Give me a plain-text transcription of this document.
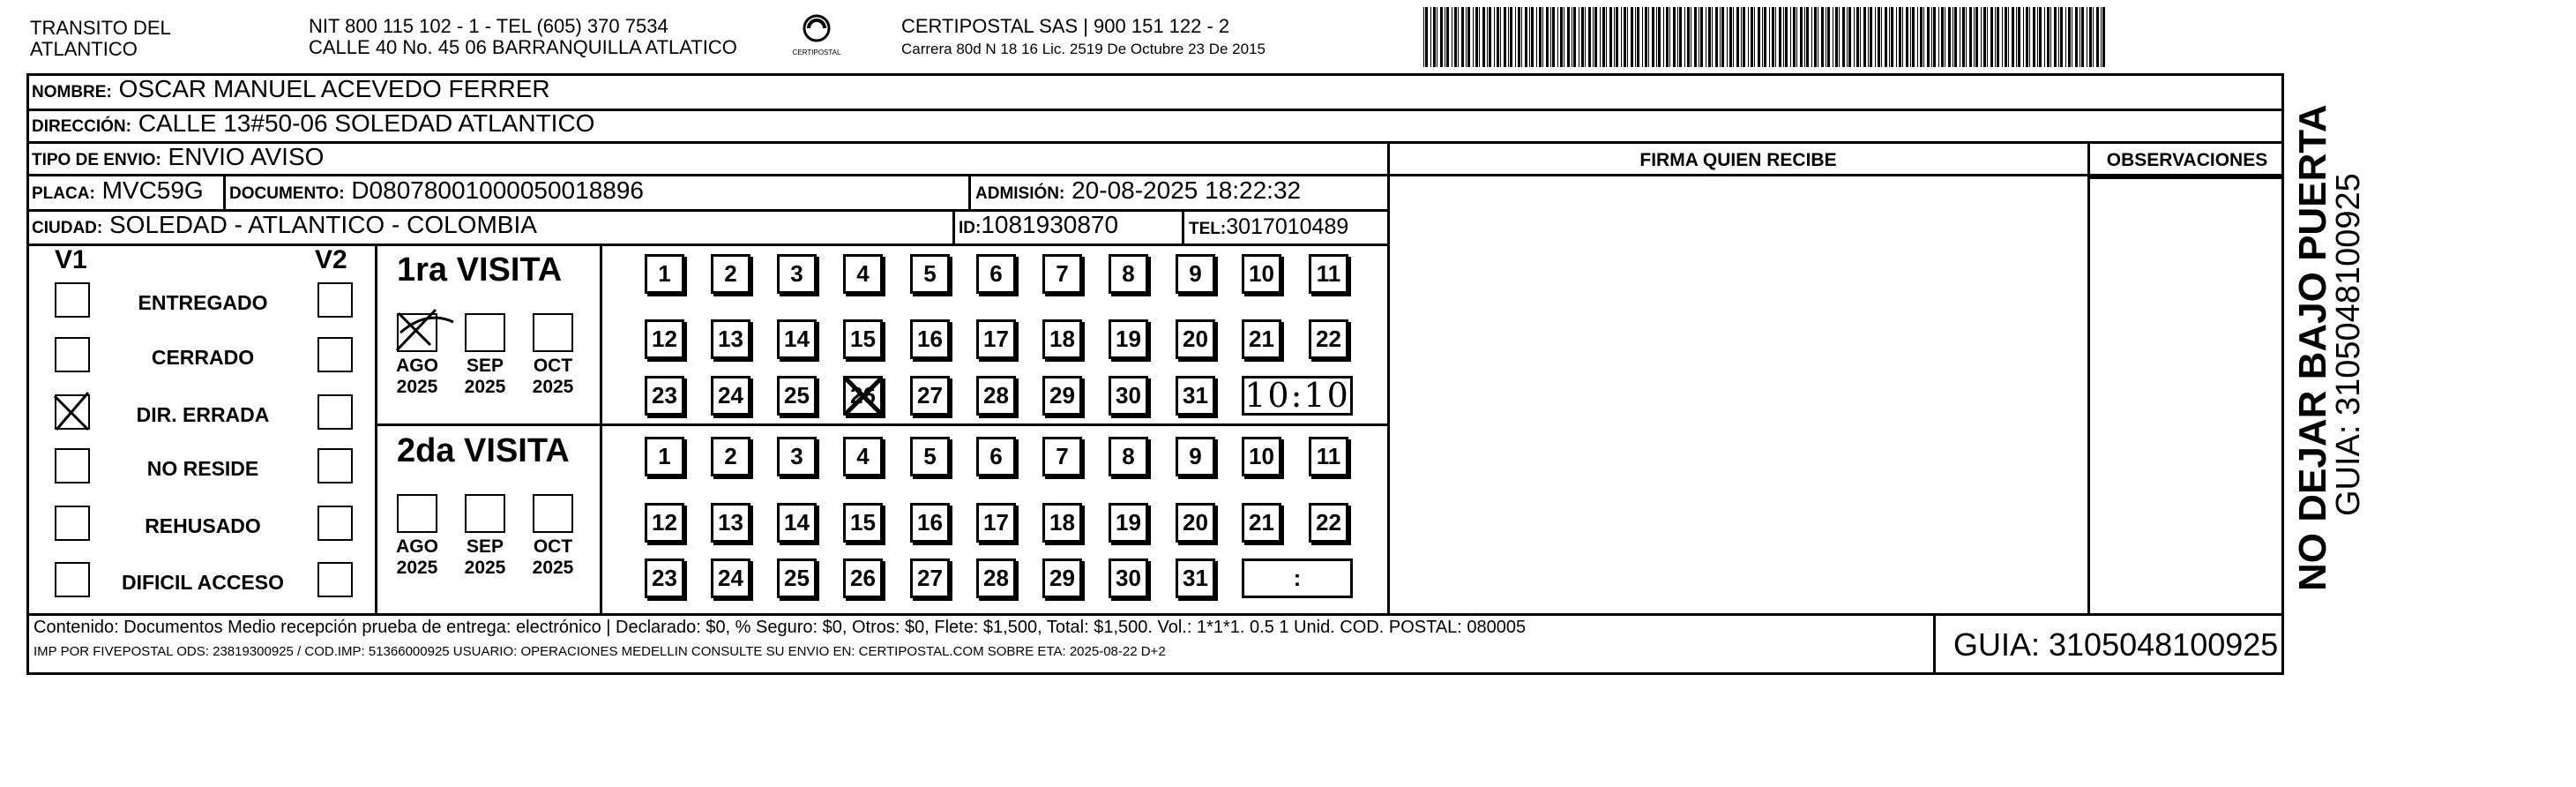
TRANSITO DEL
ATLANTICO
NIT 800 115 102 - 1 - TEL (605) 370 7534
CALLE 40 No. 45 06 BARRANQUILLA ATLATICO	CERTIPOSTAL
CERTIPOSTAL SAS | 900 151 122 - 2
Carrera 80d N 18 16 Lic. 2519 De Octubre 23 De 2015
NOMBRE: OSCAR MANUEL ACEVEDO FERRER
DIRECCIÓN: CALLE 13#50-06 SOLEDAD ATLANTICO
TIPO DE ENVIO: ENVIO AVISO	FIRMA QUIEN RECIBE	OBSERVACIONES
PLACA: MVC59G DOCUMENTO: D08078001000050018896	ADMISIÓN: 20-08-2025 18:22:32
CIUDAD: SOLEDAD - ATLANTICO - COLOMBIA	ID:1081930870	TEL:3017010489
V1	V2
ENTREGADO
CERRADO
DIR. ERRADA
NO RESIDE
REHUSADO
DIFICIL ACCESO
1ra VISITA
2da VISITA
AGO
2025
SEP
2025
OCT
2025
AGO
2025
SEP
2025
OCT
2025
1	2	3	4	5	6	7	8	9	10	11
12	13	14	15	16	17	18	19	20	21	22
23	24	25	26	27	28	29	30	31 10:10
1	2	3	4	5	6	7	8	9	10	11
12	13	14	15	16	17	18	19	20	21	22
23	24	25	26	27	28	29	30	31	:
Contenido: Documentos Medio recepción prueba de entrega: electrónico | Declarado: $0, % Seguro: $0, Otros: $0, Flete: $1,500, Total: $1,500. Vol.: 1*1*1. 0.5 1 Unid. COD. POSTAL: 080005
IMP POR FIVEPOSTAL ODS: 23819300925 / COD.IMP: 51366000925 USUARIO: OPERACIONES MEDELLIN CONSULTE SU ENVIO EN: CERTIPOSTAL.COM SOBRE ETA: 2025-08-22 D+2	GUIA: 3105048100925
NO DEJAR BAJO PUERTA
GUIA: 3105048100925
